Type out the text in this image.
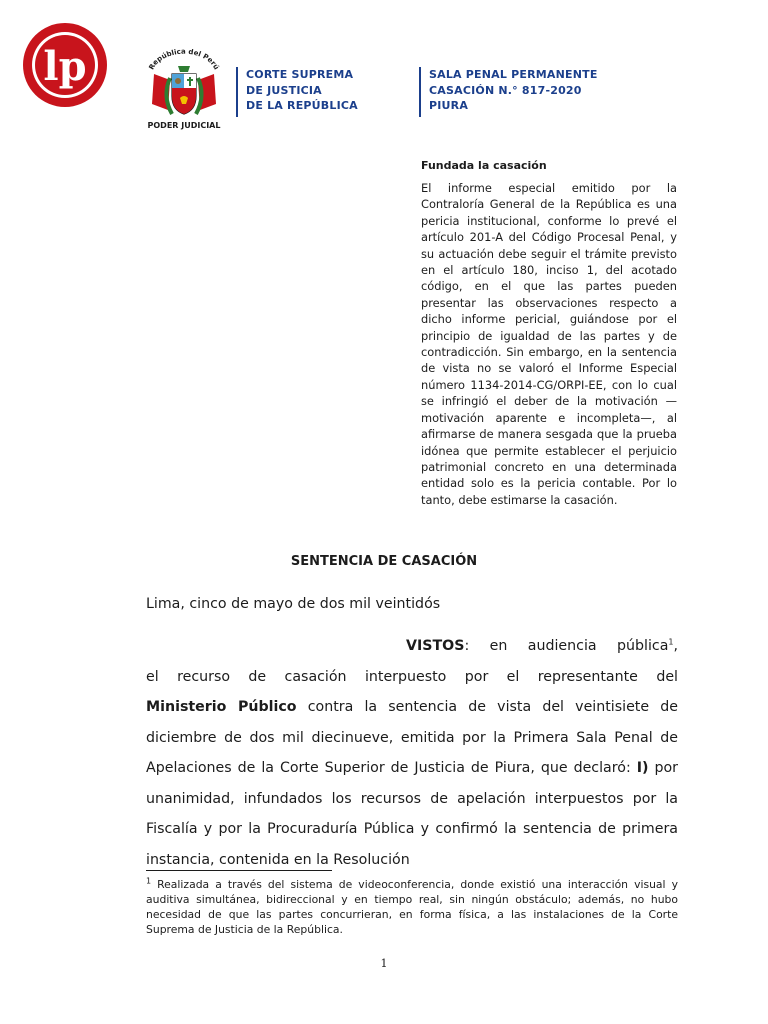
lp	República del Perú
PODER JUDICIAL
CORTE SUPREMA
DE JUSTICIA
DE LA REPÚBLICA
SALA PENAL PERMANENTE
CASACIÓN N.° 817-2020
PIURA
Fundada la casación
El informe especial emitido por la Contraloría General de la República es una pericia institucional, conforme lo prevé el artículo 201-A del Código Procesal Penal, y su actuación debe seguir el trámite previsto en el artículo 180, inciso 1, del acotado código, en el que las partes pueden presentar las observaciones respecto a dicho informe pericial, guiándose por el principio de igualdad de las partes y de contradicción. Sin embargo, en la sentencia de vista no se valoró el Informe Especial número 1134-2014-CG/ORPI-EE, con lo cual se infringió el deber de la motivación —motivación aparente e incompleta—, al afirmarse de manera sesgada que la prueba idónea que permite establecer el perjuicio patrimonial concreto en una determinada entidad solo es la pericia contable. Por lo tanto, debe estimarse la casación.
SENTENCIA DE CASACIÓN
Lima, cinco de mayo de dos mil veintidós
VISTOS: en audiencia pública$^1$,
el recurso de casación interpuesto por el representante del
Ministerio Público contra la sentencia de vista del veintisiete de diciembre de dos mil diecinueve, emitida por la Primera Sala Penal de Apelaciones de la Corte Superior de Justicia de Piura, que declaró: I) por unanimidad, infundados los recursos de apelación interpuestos por la Fiscalía y por la Procuraduría Pública y confirmó la sentencia de primera instancia, contenida en la Resolución
$^1$ Realizada a través del sistema de videoconferencia, donde existió una interacción visual y auditiva simultánea, bidireccional y en tiempo real, sin ningún obstáculo; además, no hubo necesidad de que las partes concurrieran, en forma física, a las instalaciones de la Corte Suprema de Justicia de la República.
1
